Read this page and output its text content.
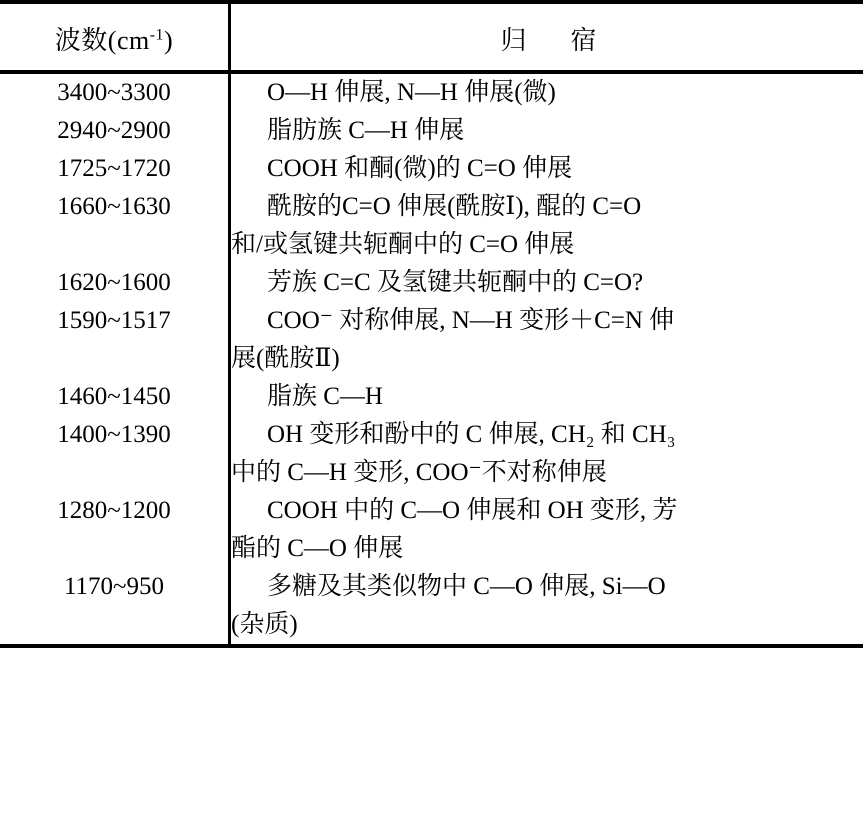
波数$(cm^{-1})$	归宿
3400~3300	O—H 伸展, N—H 伸展(微)

2940~2900	脂肪族 C—H 伸展

1725~1720	COOH 和酮(微)的 C=O 伸展

1660~1630	酰胺的C=O 伸展(酰胺Ⅰ), 醌的 C=O
和/或氢键共轭酮中的 C=O 伸展

1620~1600	芳族 C=C 及氢键共轭酮中的 C=O?

1590~1517	COO⁻ 对称伸展, N—H 变形＋C=N 伸
展(酰胺Ⅱ)

1460~1450	脂族 C—H

1400~1390	OH 变形和酚中的 C 伸展, CH₂ 和 CH₃
中的 C—H 变形, COO⁻不对称伸展

1280~1200	COOH 中的 C—O 伸展和 OH 变形, 芳
酯的 C—O 伸展

1170~950	多糖及其类似物中 C—O 伸展, Si—O
(杂质)
